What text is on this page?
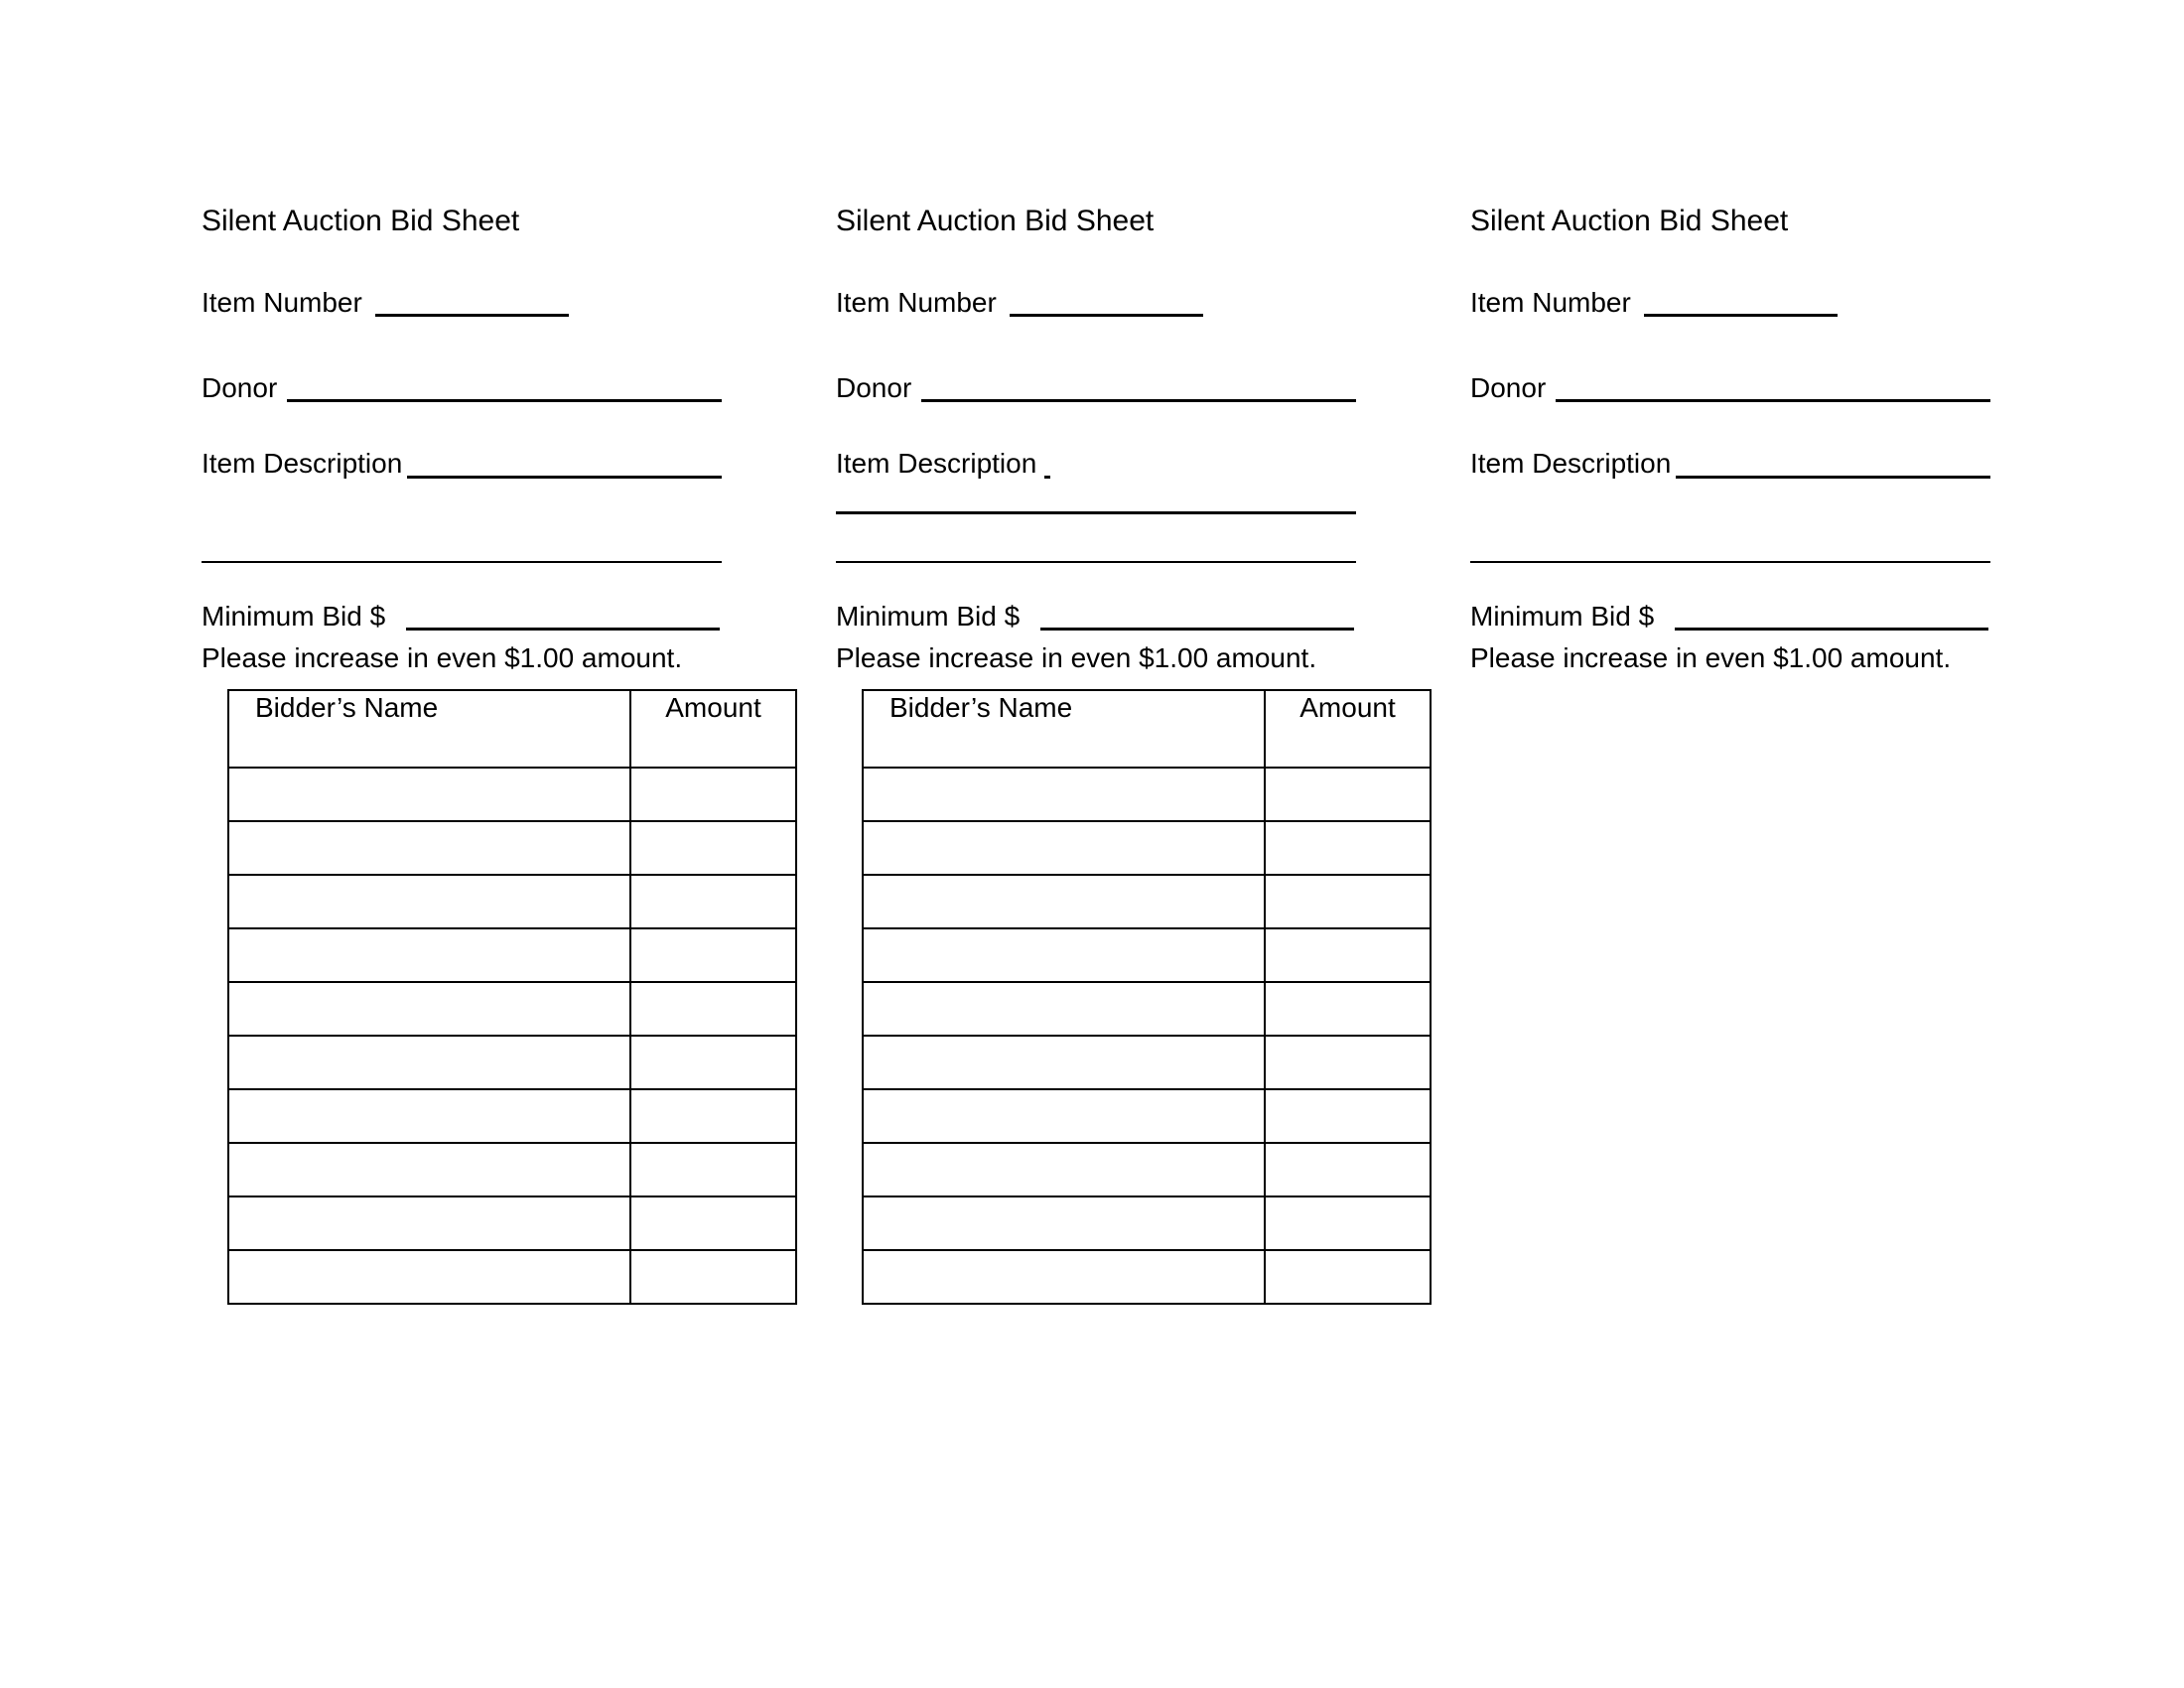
Silent Auction Bid Sheet
Item Number
Donor
Item Description
Minimum Bid $
Please increase in even $1.00 amount.
Bidder’s Name	Amount

Silent Auction Bid Sheet
Item Number
Donor
Item Description
Minimum Bid $
Please increase in even $1.00 amount.
Bidder’s Name	Amount

Silent Auction Bid Sheet
Item Number
Donor
Item Description
Minimum Bid $
Please increase in even $1.00 amount.
